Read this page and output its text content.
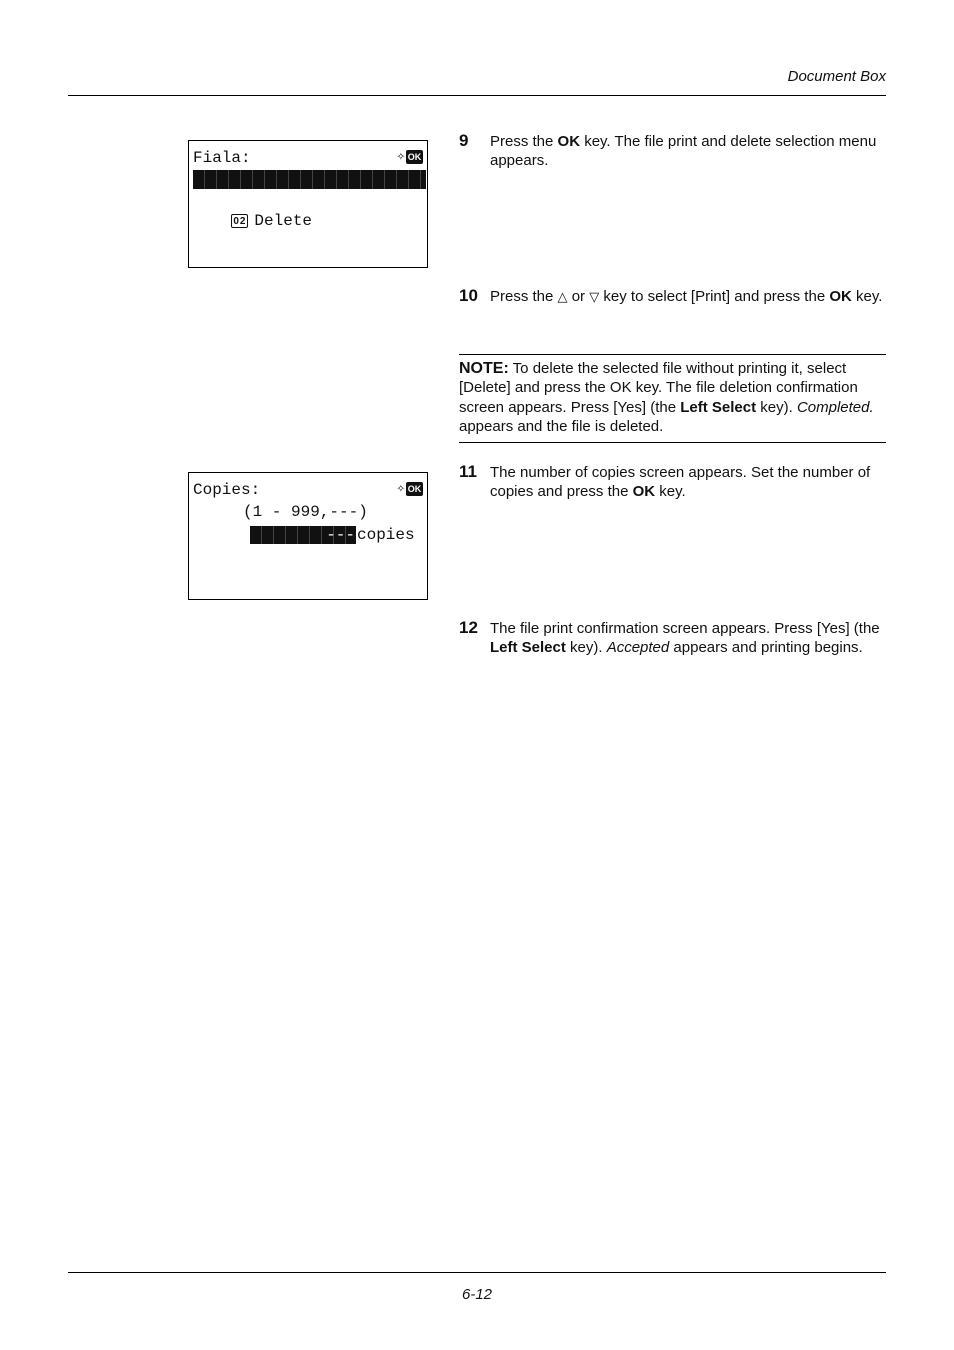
Document Box
Fiala:	✧ OK

01 Print

02 Delete

Copies:	✧ OK
(1 - 999,---)
--- copies
9 Press the OK key. The file print and delete selection menu appears.
10 Press the △ or ▽ key to select [Print] and press the OK key.
NOTE: To delete the selected file without printing it, select [Delete] and press the OK key. The file deletion confirmation screen appears. Press [Yes] (the Left Select key). Completed. appears and the file is deleted.
11 The number of copies screen appears. Set the number of copies and press the OK key.
12 The file print confirmation screen appears. Press [Yes] (the Left Select key). Accepted appears and printing begins.
6-12
